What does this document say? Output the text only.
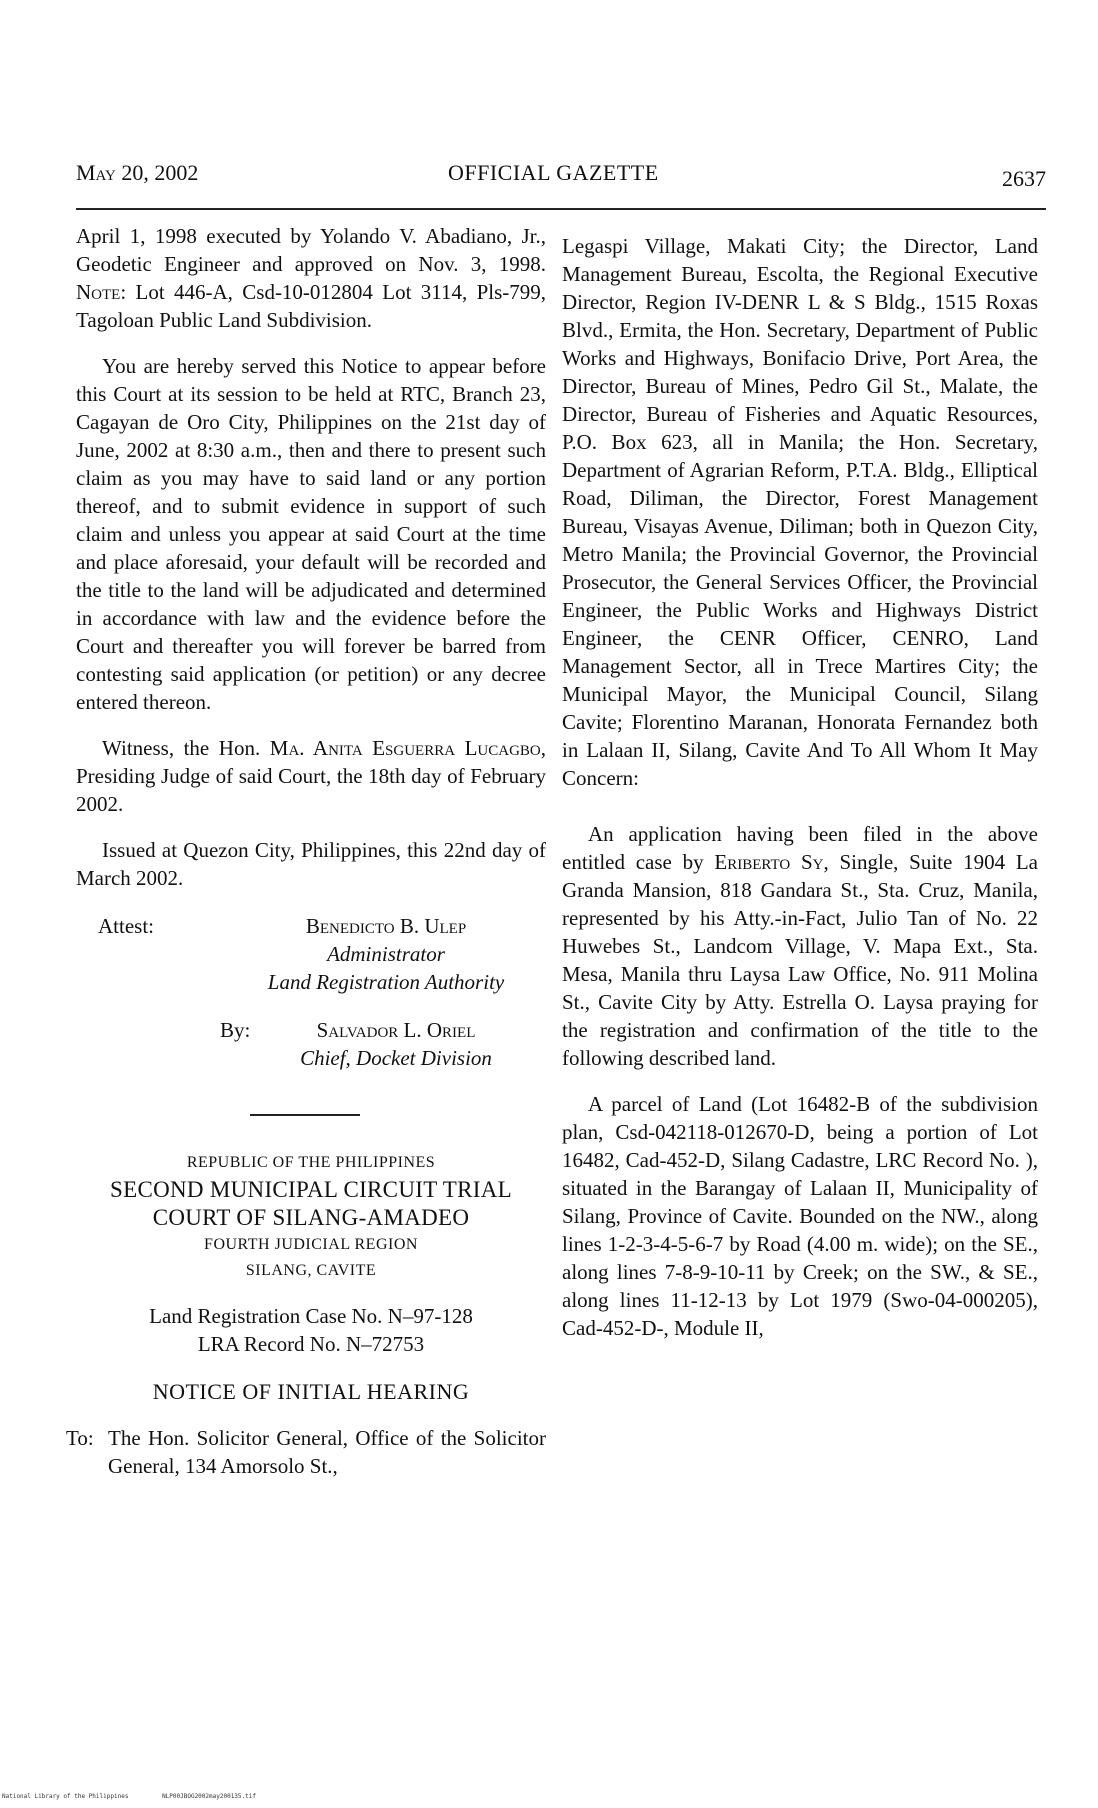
May 20, 2002	OFFICIAL GAZETTE	2637

April 1, 1998 executed by Yolando V. Abadiano, Jr., Geodetic Engineer and approved on Nov. 3, 1998. Note: Lot 446-A, Csd-10-012804 Lot 3114, Pls-799, Tagoloan Public Land Subdivision.

You are hereby served this Notice to appear before this Court at its session to be held at RTC, Branch 23, Cagayan de Oro City, Philippines on the 21st day of June, 2002 at 8:30 a.m., then and there to present such claim as you may have to said land or any portion thereof, and to submit evidence in support of such claim and unless you appear at said Court at the time and place aforesaid, your default will be recorded and the title to the land will be adjudicated and determined in accordance with law and the evidence before the Court and thereafter you will forever be barred from contesting said application (or petition) or any decree entered thereon.

Witness, the Hon. Ma. Anita Esguerra Lucagbo, Presiding Judge of said Court, the 18th day of February 2002.

Issued at Quezon City, Philippines, this 22nd day of March 2002.

Attest:	Benedicto B. Ulep
Administrator
Land Registration Authority
By:	Salvador L. Oriel
Chief, Docket Division
REPUBLIC OF THE PHILIPPINES
SECOND MUNICIPAL CIRCUIT TRIAL
COURT OF SILANG-AMADEO
FOURTH JUDICIAL REGION
SILANG, CAVITE
Land Registration Case No. N–97-128
LRA Record No. N–72753
NOTICE OF INITIAL HEARING
To: The Hon. Solicitor General, Office of the Solicitor General, 134 Amorsolo St.,

Legaspi Village, Makati City; the Director, Land Management Bureau, Escolta, the Regional Executive Director, Region IV-DENR L & S Bldg., 1515 Roxas Blvd., Ermita, the Hon. Secretary, Department of Public Works and Highways, Bonifacio Drive, Port Area, the Director, Bureau of Mines, Pedro Gil St., Malate, the Director, Bureau of Fisheries and Aquatic Resources, P.O. Box 623, all in Manila; the Hon. Secretary, Department of Agrarian Reform, P.T.A. Bldg., Elliptical Road, Diliman, the Director, Forest Management Bureau, Visayas Avenue, Diliman; both in Quezon City, Metro Manila; the Provincial Governor, the Provincial Prosecutor, the General Services Officer, the Provincial Engineer, the Public Works and Highways District Engineer, the CENR Officer, CENRO, Land Management Sector, all in Trece Martires City; the Municipal Mayor, the Municipal Council, Silang Cavite; Florentino Maranan, Honorata Fernandez both in Lalaan II, Silang, Cavite And To All Whom It May Concern:

An application having been filed in the above entitled case by Eriberto Sy, Single, Suite 1904 La Granda Mansion, 818 Gandara St., Sta. Cruz, Manila, represented by his Atty.-in-Fact, Julio Tan of No. 22 Huwebes St., Landcom Village, V. Mapa Ext., Sta. Mesa, Manila thru Laysa Law Office, No. 911 Molina St., Cavite City by Atty. Estrella O. Laysa praying for the registration and confirmation of the title to the following described land.

A parcel of Land (Lot 16482-B of the subdivision plan, Csd-042118-012670-D, being a portion of Lot 16482, Cad-452-D, Silang Cadastre, LRC Record No. ), situated in the Barangay of Lalaan II, Municipality of Silang, Province of Cavite. Bounded on the NW., along lines 1-2-3-4-5-6-7 by Road (4.00 m. wide); on the SE., along lines 7-8-9-10-11 by Creek; on the SW., & SE., along lines 11-12-13 by Lot 1979 (Swo-04-000205), Cad-452-D-, Module II,

National Library of the Philippines	NLP00JBOG2002may200135.tif
